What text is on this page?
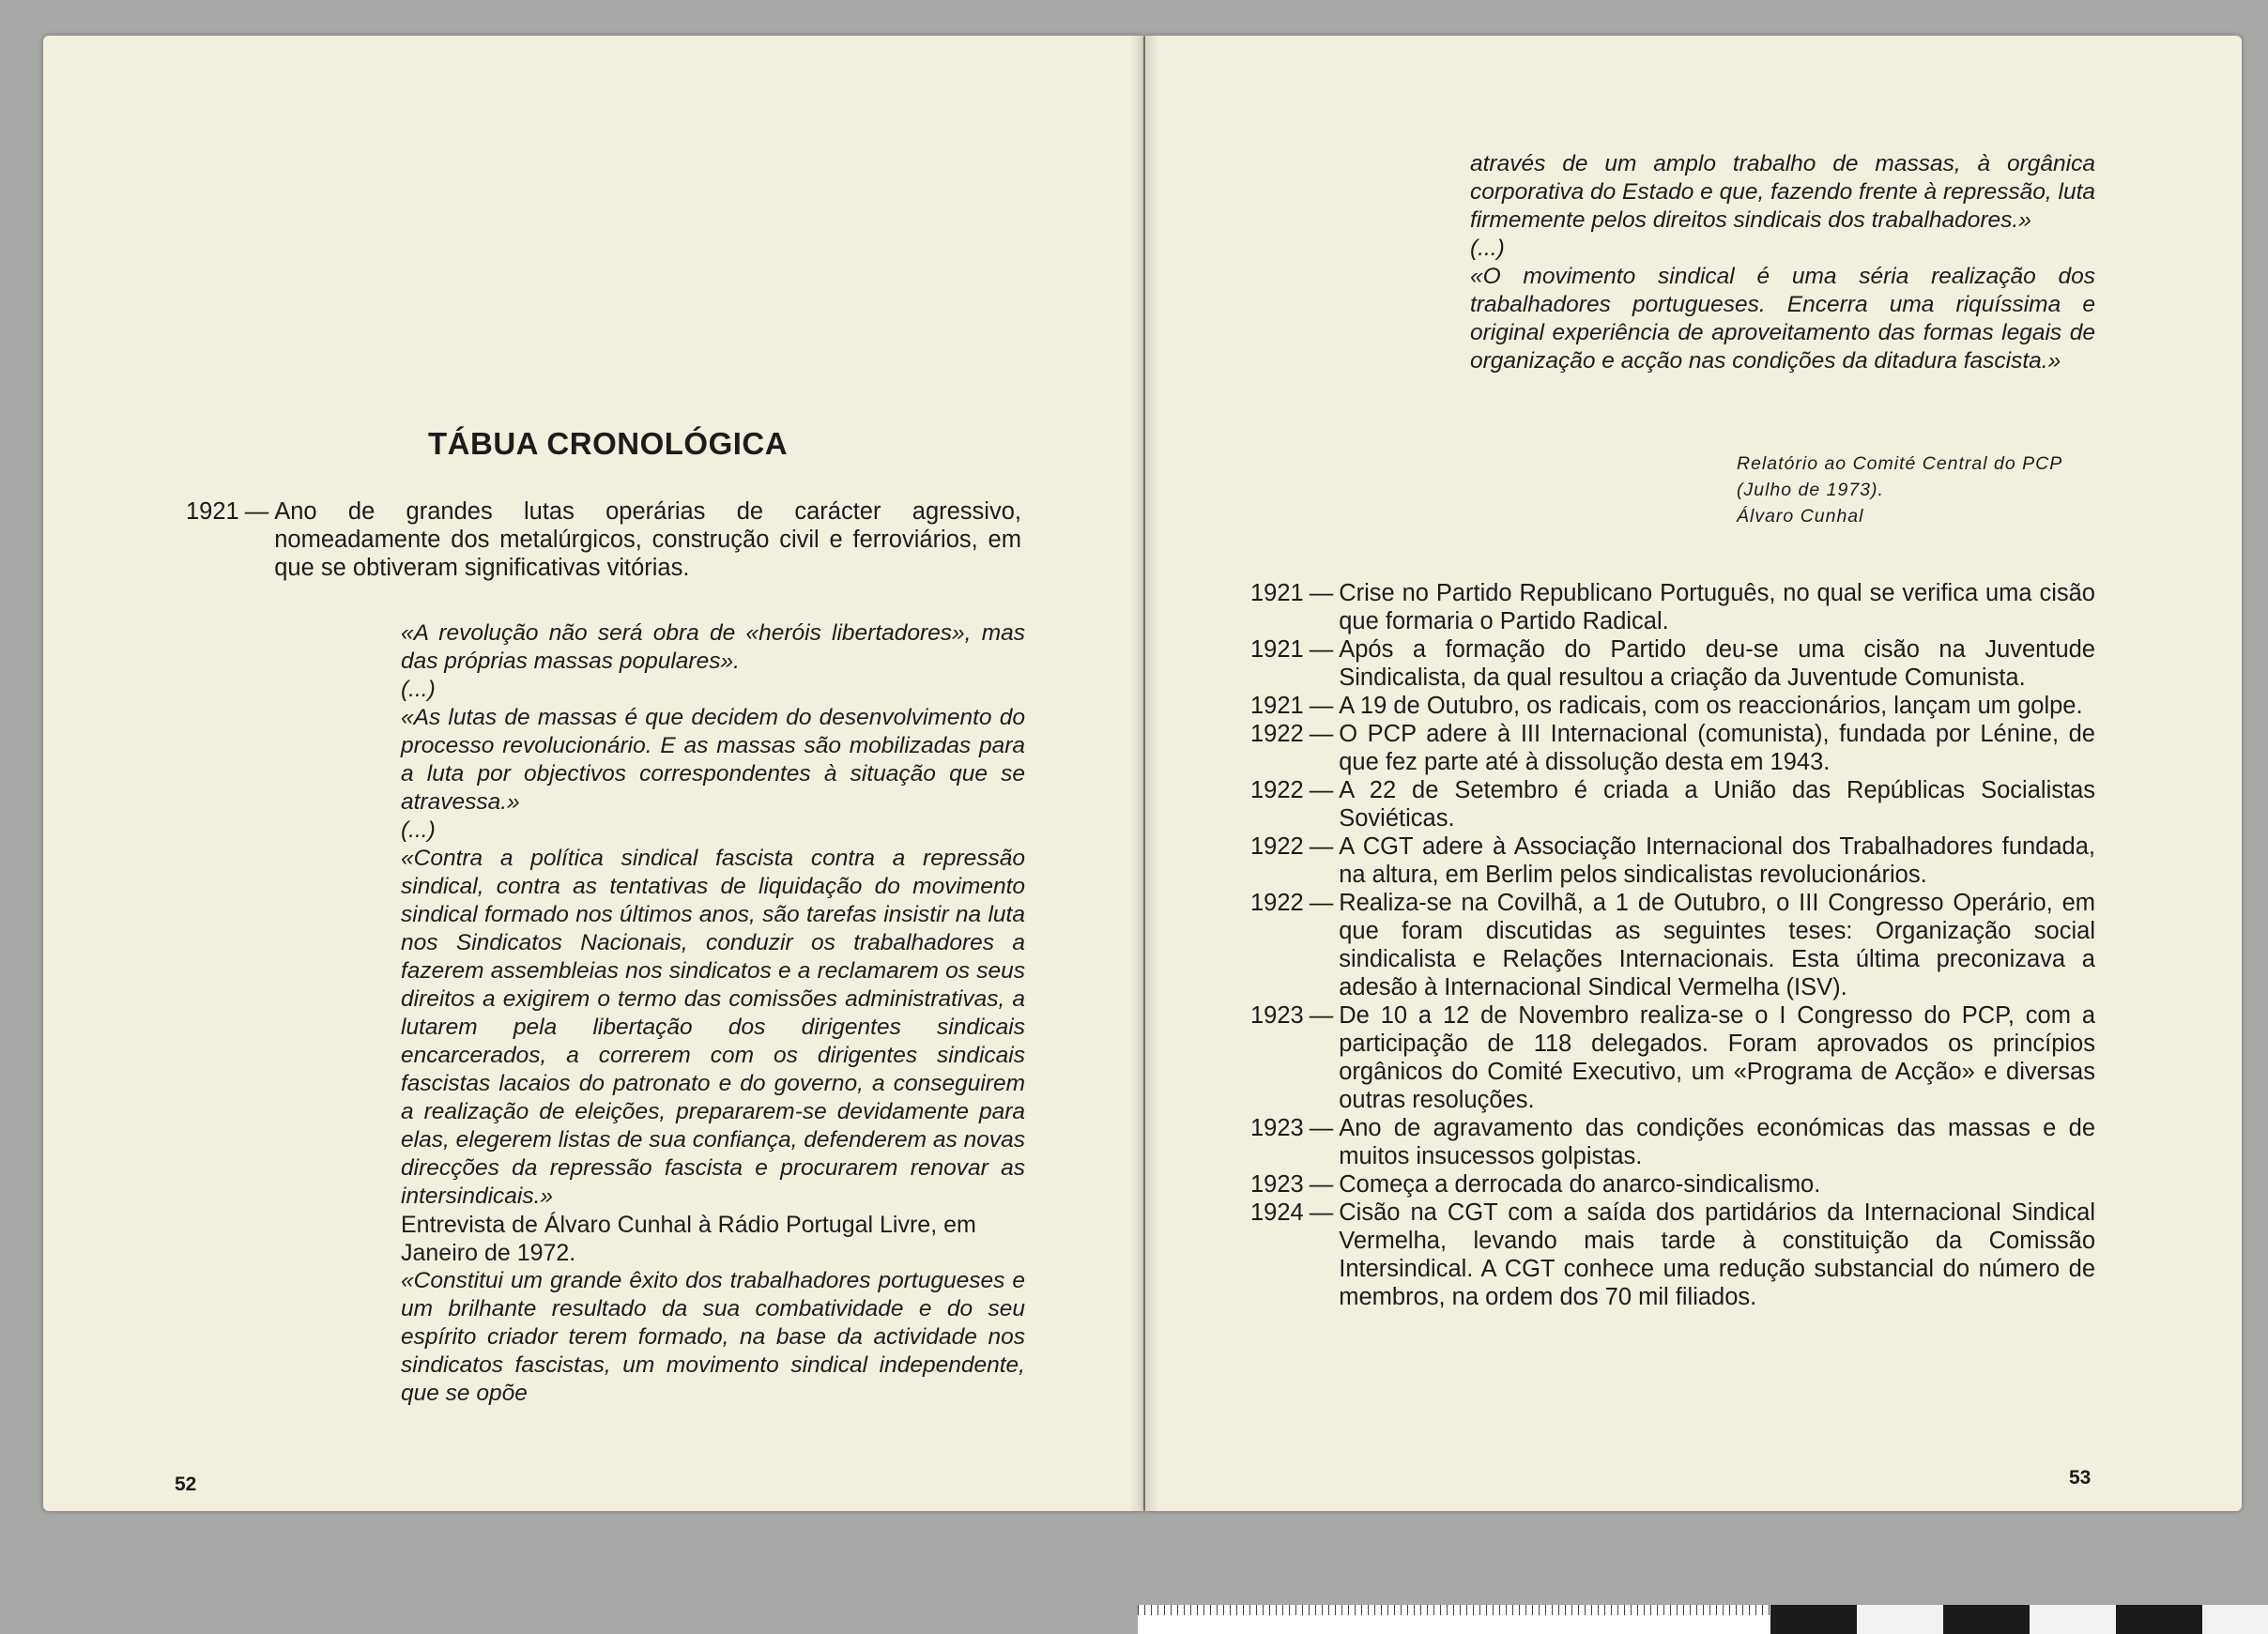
TÁBUA CRONOLÓGICA
1921 — Ano de grandes lutas operárias de carácter agressivo, nomeadamente dos metalúrgicos, construção civil e ferroviários, em que se obtiveram significativas vitórias.

«A revolução não será obra de «heróis libertadores», mas das próprias massas populares».

(...)

«As lutas de massas é que decidem do desenvolvimento do processo revolucionário. E as massas são mobilizadas para a luta por objectivos correspondentes à situação que se atravessa.»

(...)

«Contra a política sindical fascista contra a repressão sindical, contra as tentativas de liquidação do movimento sindical formado nos últimos anos, são tarefas insistir na luta nos Sindicatos Nacionais, conduzir os trabalhadores a fazerem assembleias nos sindicatos e a reclamarem os seus direitos a exigirem o termo das comissões administrativas, a lutarem pela libertação dos dirigentes sindicais encarcerados, a correrem com os dirigentes sindicais fascistas lacaios do patronato e do governo, a conseguirem a realização de eleições, prepararem-se devidamente para elas, elegerem listas de sua confiança, defenderem as novas direcções da repressão fascista e procurarem renovar as intersindicais.»

Entrevista de Álvaro Cunhal à Rádio Portugal Livre, em Janeiro de 1972.

«Constitui um grande êxito dos trabalhadores portugueses e um brilhante resultado da sua combatividade e do seu espírito criador terem formado, na base da actividade nos sindicatos fascistas, um movimento sindical independente, que se opõe

52

através de um amplo trabalho de massas, à orgânica corporativa do Estado e que, fazendo frente à repressão, luta firmemente pelos direitos sindicais dos trabalhadores.»

(...)

«O movimento sindical é uma séria realização dos trabalhadores portugueses. Encerra uma riquíssima e original experiência de aproveitamento das formas legais de organização e acção nas condições da ditadura fascista.»

Relatório ao Comité Central do PCP (Julho de 1973).

Álvaro Cunhal

1921 — Crise no Partido Republicano Português, no qual se verifica uma cisão que formaria o Partido Radical.
1921 — Após a formação do Partido deu-se uma cisão na Juventude Sindicalista, da qual resultou a criação da Juventude Comunista.
1921 — A 19 de Outubro, os radicais, com os reaccionários, lançam um golpe.
1922 — O PCP adere à III Internacional (comunista), fundada por Lénine, de que fez parte até à dissolução desta em 1943.
1922 — A 22 de Setembro é criada a União das Repúblicas Socialistas Soviéticas.
1922 — A CGT adere à Associação Internacional dos Trabalhadores fundada, na altura, em Berlim pelos sindicalistas revolucionários.
1922 — Realiza-se na Covilhã, a 1 de Outubro, o III Congresso Operário, em que foram discutidas as seguintes teses: Organização social sindicalista e Relações Internacionais. Esta última preconizava a adesão à Internacional Sindical Vermelha (ISV).
1923 — De 10 a 12 de Novembro realiza-se o I Congresso do PCP, com a participação de 118 delegados. Foram aprovados os princípios orgânicos do Comité Executivo, um «Programa de Acção» e diversas outras resoluções.
1923 — Ano de agravamento das condições económicas das massas e de muitos insucessos golpistas.
1923 — Começa a derrocada do anarco-sindicalismo.
1924 — Cisão na CGT com a saída dos partidários da Internacional Sindical Vermelha, levando mais tarde à constituição da Comissão Intersindical. A CGT conhece uma redução substancial do número de membros, na ordem dos 70 mil filiados.
53
